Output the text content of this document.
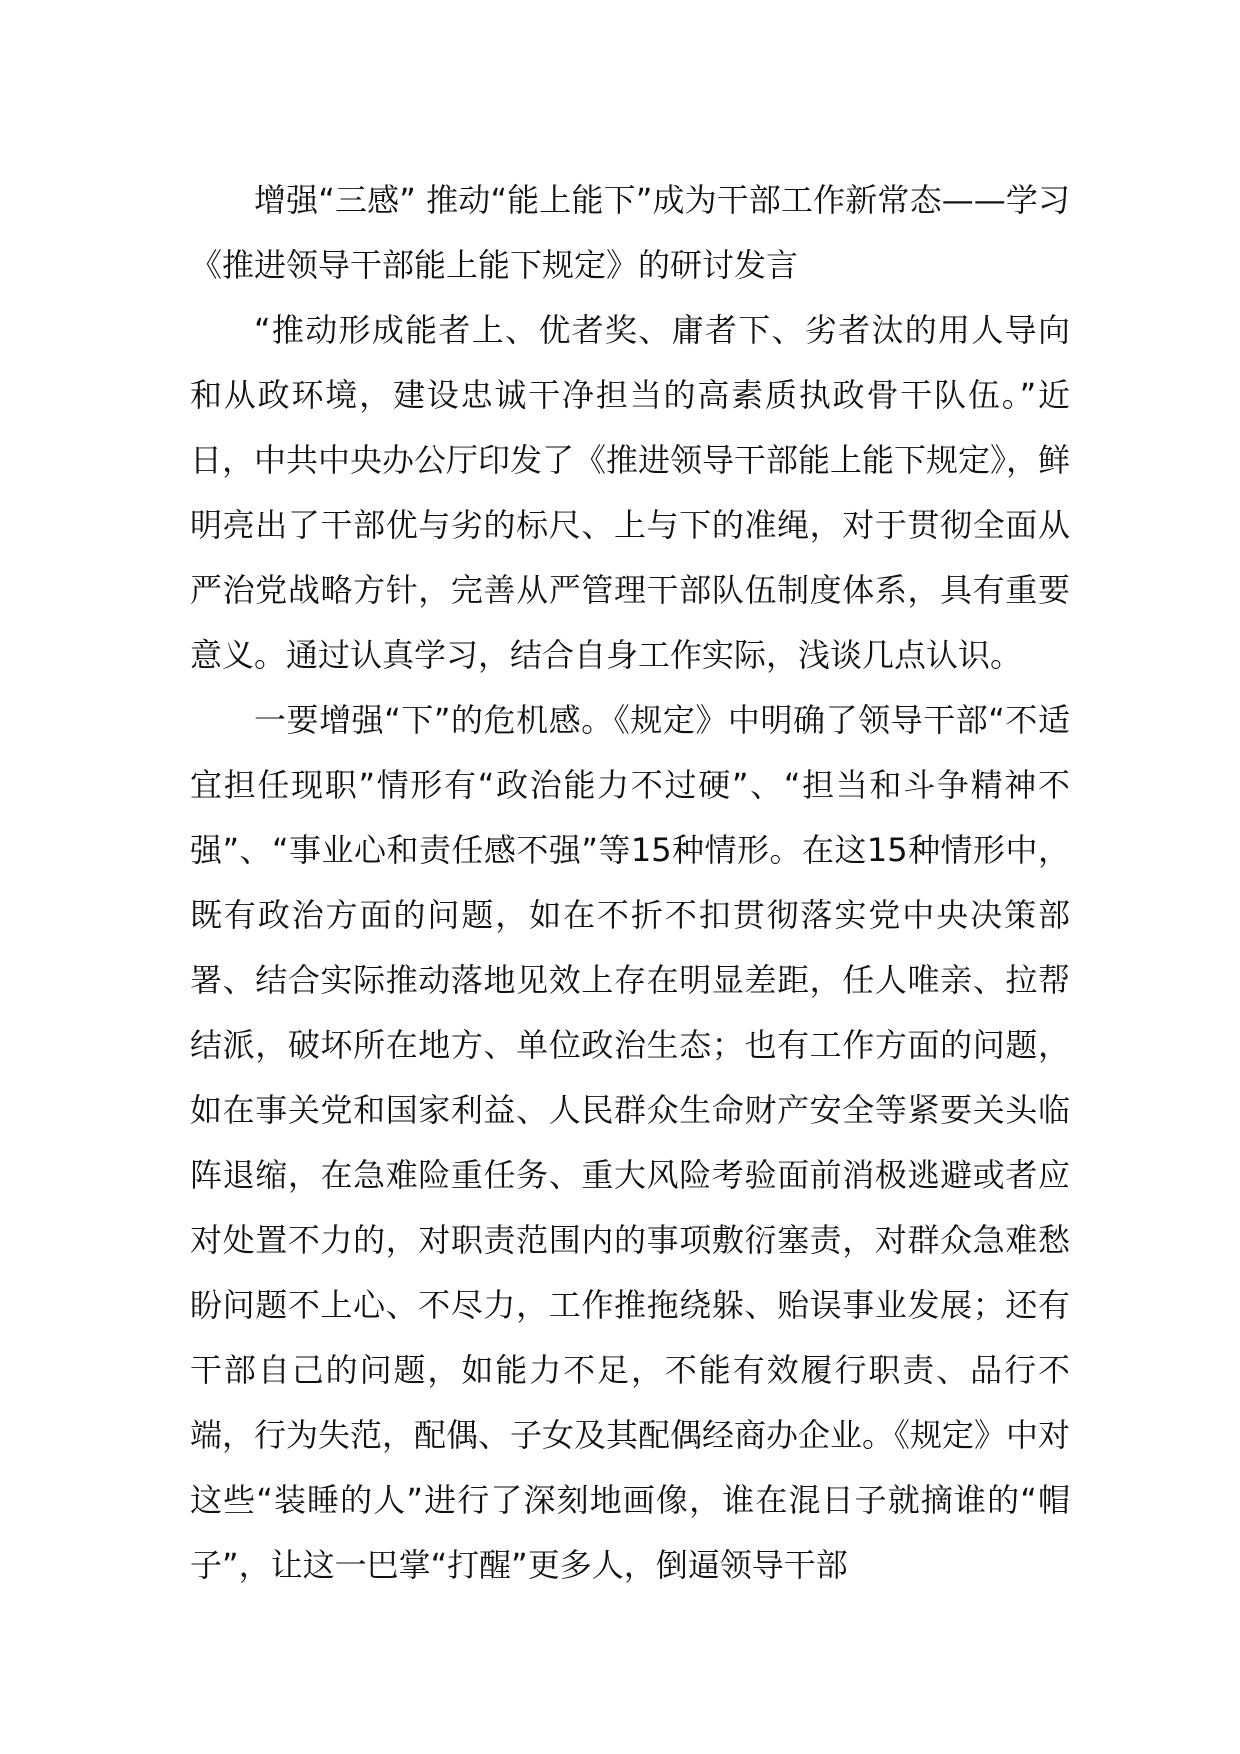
增强“三感” 推动“能上能下”成为干部工作新常态——学习《推进领导干部能上能下规定》的研讨发言

“推动形成能者上、优者奖、庸者下、劣者汰的用人导向和从政环境，建设忠诚干净担当的高素质执政骨干队伍。”近日，中共中央办公厅印发了《推进领导干部能上能下规定》，鲜明亮出了干部优与劣的标尺、上与下的准绳，对于贯彻全面从严治党战略方针，完善从严管理干部队伍制度体系，具有重要意义。通过认真学习，结合自身工作实际，浅谈几点认识。

一要增强“下”的危机感。《规定》中明确了领导干部“不适宜担任现职”情形有“政治能力不过硬”、“担当和斗争精神不强”、“事业心和责任感不强”等15种情形。在这15种情形中，既有政治方面的问题，如在不折不扣贯彻落实党中央决策部署、结合实际推动落地见效上存在明显差距，任人唯亲、拉帮结派，破坏所在地方、单位政治生态；也有工作方面的问题，如在事关党和国家利益、人民群众生命财产安全等紧要关头临阵退缩，在急难险重任务、重大风险考验面前消极逃避或者应对处置不力的，对职责范围内的事项敷衍塞责，对群众急难愁盼问题不上心、不尽力，工作推拖绕躲、贻误事业发展；还有干部自己的问题，如能力不足，不能有效履行职责、品行不端，行为失范，配偶、子女及其配偶经商办企业。《规定》中对这些“装睡的人”进行了深刻地画像，谁在混日子就摘谁的“帽子”，让这一巴掌“打醒”更多人，倒逼领导干部
